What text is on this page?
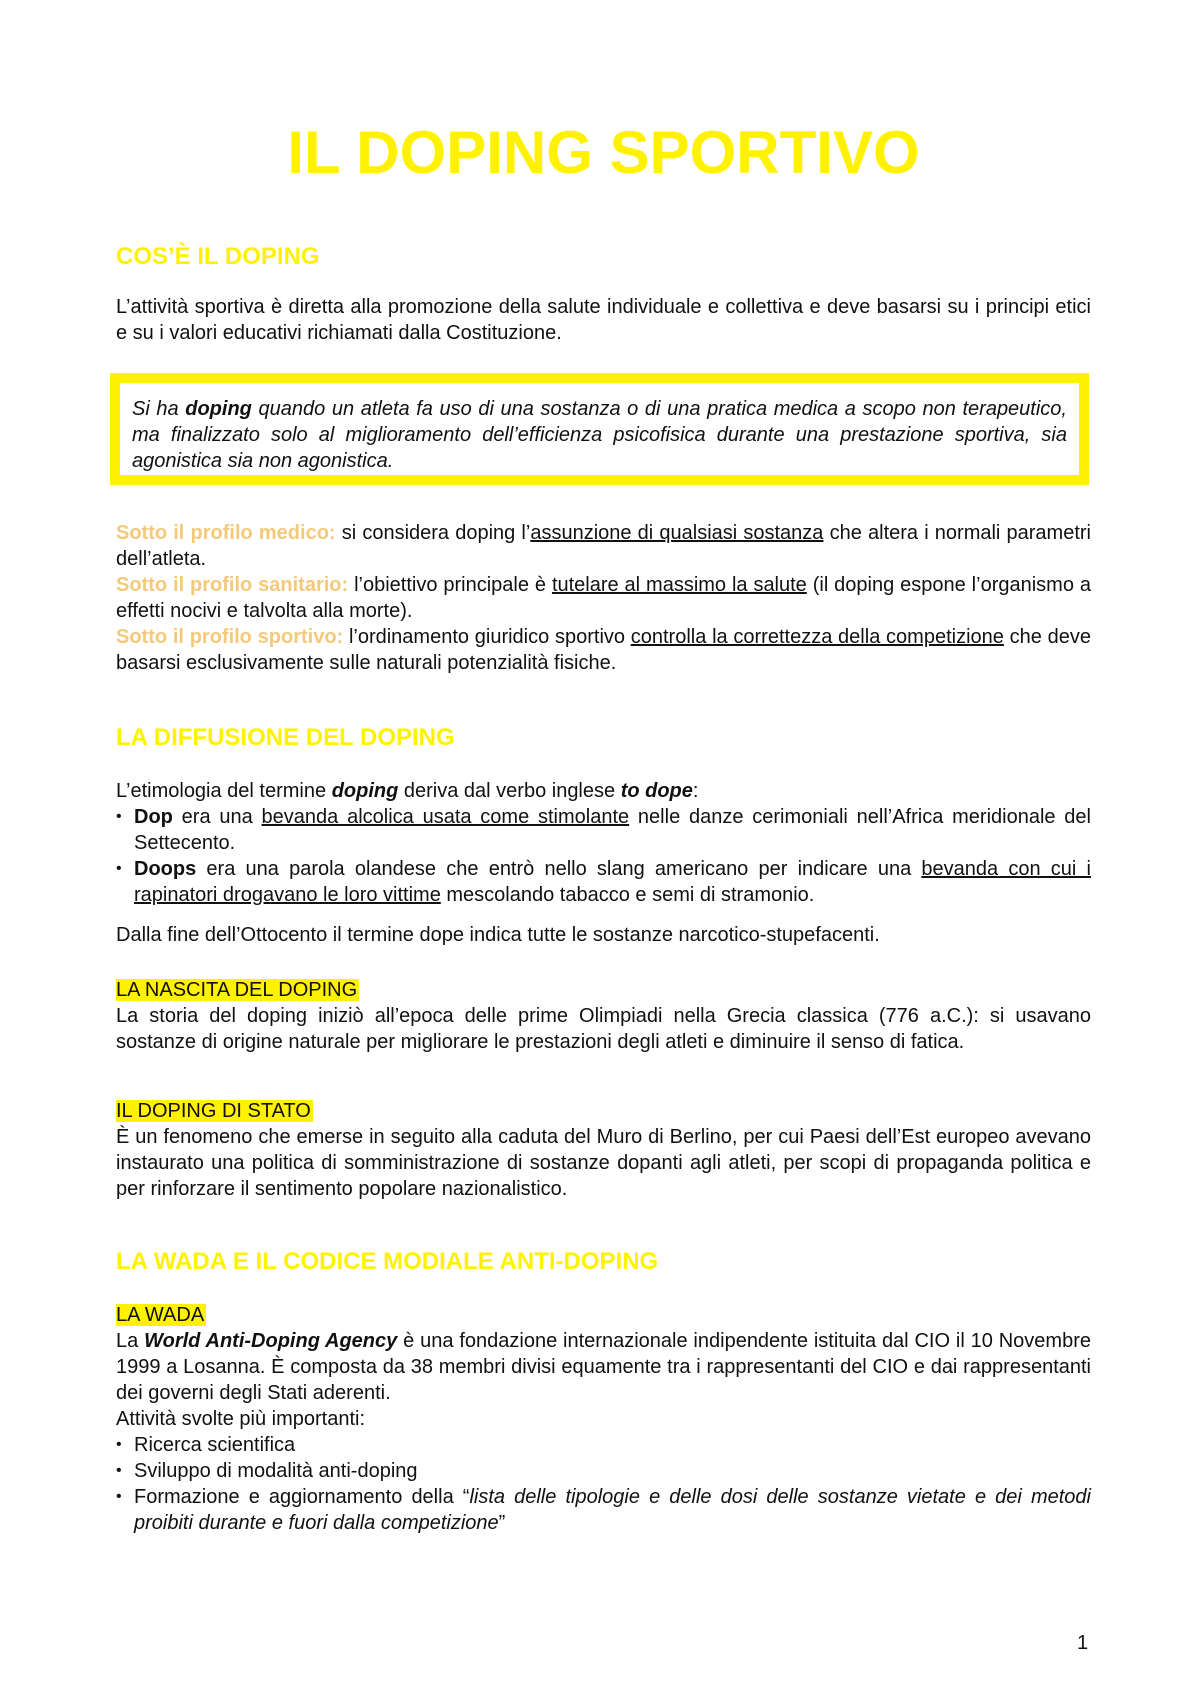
IL DOPING SPORTIVO
COS’È IL DOPING

L’attività sportiva è diretta alla promozione della salute individuale e collettiva e deve basarsi su i principi etici e su i valori educativi richiamati dalla Costituzione.

Si ha doping quando un atleta fa uso di una sostanza o di una pratica medica a scopo non terapeutico, ma finalizzato solo al miglioramento dell’efficienza psicofisica durante una prestazione sportiva, sia agonistica sia non agonistica.

Sotto il profilo medico: si considera doping l’assunzione di qualsiasi sostanza che altera i normali parametri dell’atleta.

Sotto il profilo sanitario: l’obiettivo principale è tutelare al massimo la salute (il doping espone l’organismo a effetti nocivi e talvolta alla morte).

Sotto il profilo sportivo: l’ordinamento giuridico sportivo controlla la correttezza della competizione che deve basarsi esclusivamente sulle naturali potenzialità fisiche.

LA DIFFUSIONE DEL DOPING

L’etimologia del termine doping deriva dal verbo inglese to dope:

• Dop era una bevanda alcolica usata come stimolante nelle danze cerimoniali nell’Africa meridionale del Settecento.
• Doops era una parola olandese che entrò nello slang americano per indicare una bevanda con cui i rapinatori drogavano le loro vittime mescolando tabacco e semi di stramonio.

Dalla fine dell’Ottocento il termine dope indica tutte le sostanze narcotico-stupefacenti.

LA NASCITA DEL DOPING

La storia del doping iniziò all’epoca delle prime Olimpiadi nella Grecia classica (776 a.C.): si usavano sostanze di origine naturale per migliorare le prestazioni degli atleti e diminuire il senso di fatica.

IL DOPING DI STATO

È un fenomeno che emerse in seguito alla caduta del Muro di Berlino, per cui Paesi dell’Est europeo avevano instaurato una politica di somministrazione di sostanze dopanti agli atleti, per scopi di propaganda politica e per rinforzare il sentimento popolare nazionalistico.

LA WADA E IL CODICE MODIALE ANTI-DOPING

LA WADA

La World Anti-Doping Agency è una fondazione internazionale indipendente istituita dal CIO il 10 Novembre 1999 a Losanna. È composta da 38 membri divisi equamente tra i rappresentanti del CIO e dai rappresentanti dei governi degli Stati aderenti.

Attività svolte più importanti:

• Ricerca scientifica
• Sviluppo di modalità anti-doping
• Formazione e aggiornamento della “lista delle tipologie e delle dosi delle sostanze vietate e dei metodi proibiti durante e fuori dalla competizione”
1
